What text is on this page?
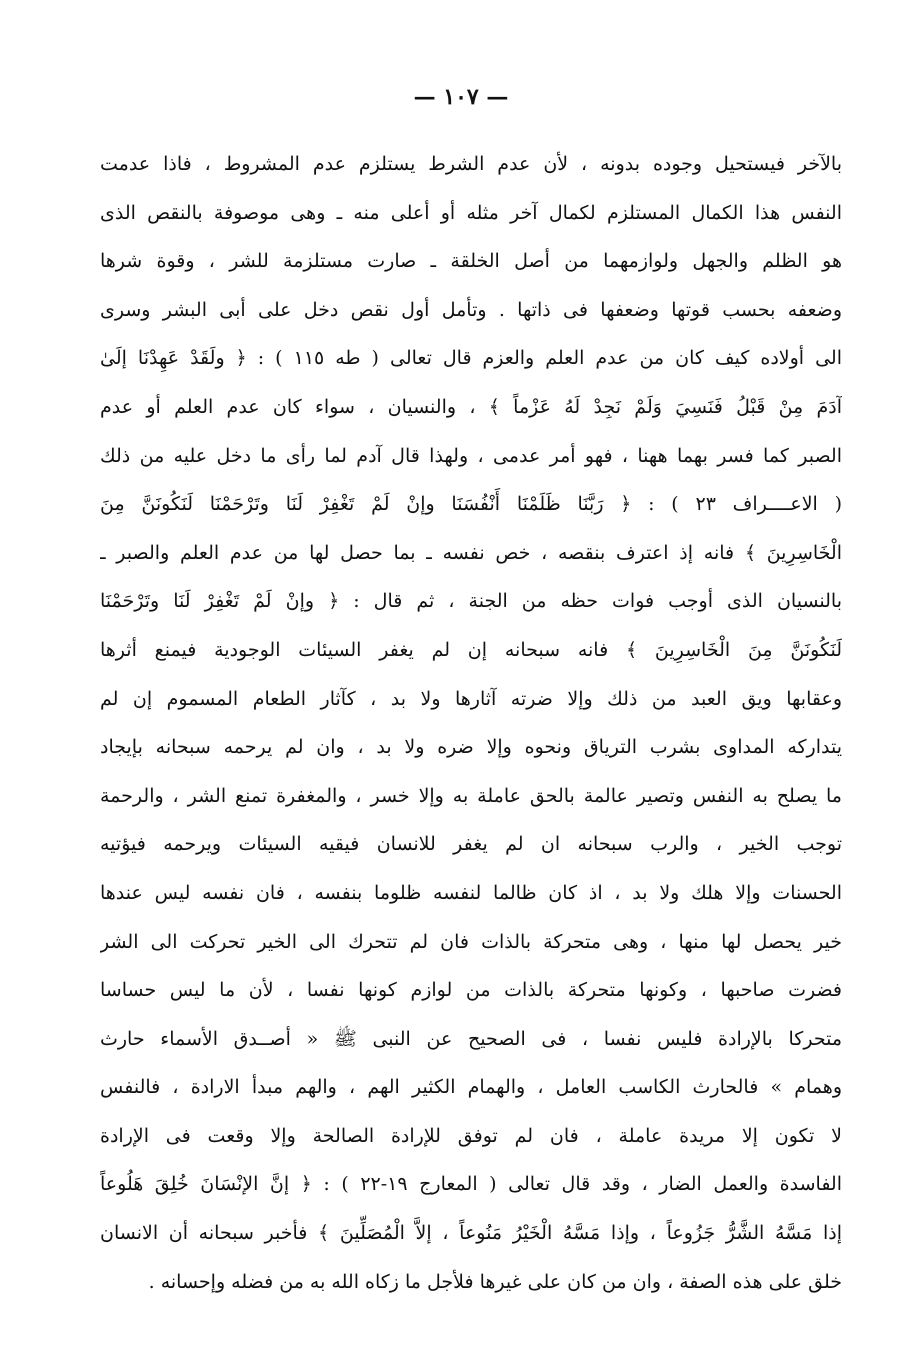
— ١٠٧ —
بالآخر فيستحيل وجوده بدونه ، لأن عدم الشرط يستلزم عدم المشروط ، فاذا عدمت
النفس هذا الكمال المستلزم لكمال آخر مثله أو أعلى منه ـ وهى موصوفة بالنقص الذى
هو الظلم والجهل ولوازمهما من أصل الخلقة ـ صارت مستلزمة للشر ، وقوة شرها
وضعفه بحسب قوتها وضعفها فى ذاتها . وتأمل أول نقص دخل على أبى البشر وسرى
الى أولاده كيف كان من عدم العلم والعزم قال تعالى ( طه ١١٥ ) : ﴿ ولَقَدْ عَهِدْنَا إلَىٰ
آدَمَ مِنْ قَبْلُ فَنَسِيَ وَلَمْ نَجِدْ لَهُ عَزْماً ﴾ ، والنسيان ، سواء كان عدم العلم أو عدم
الصبر كما فسر بهما ههنا ، فهو أمر عدمى ، ولهذا قال آدم لما رأى ما دخل عليه من ذلك
( الاعــــراف ٢٣ ) : ﴿ رَبَّنَا ظَلَمْنَا أَنْفُسَنَا وإنْ لَمْ تَغْفِرْ لَنَا وتَرْحَمْنَا لَنَكُونَنَّ مِنَ
الْخَاسِرِينَ ﴾ فانه إذ اعترف بنقصه ، خص نفسه ـ بما حصل لها من عدم العلم والصبر ـ
بالنسيان الذى أوجب فوات حظه من الجنة ، ثم قال : ﴿ وإنْ لَمْ تَغْفِرْ لَنَا وتَرْحَمْنَا
لَنَكُونَنَّ مِنَ الْخَاسِرِينَ ﴾ فانه سبحانه إن لم يغفر السيئات الوجودية فيمنع أثرها
وعقابها ويق العبد من ذلك وإلا ضرته آثارها ولا بد ، كآثار الطعام المسموم إن لم
يتداركه المداوى بشرب الترياق ونحوه وإلا ضره ولا بد ، وان لم يرحمه سبحانه بإيجاد
ما يصلح به النفس وتصير عالمة بالحق عاملة به وإلا خسر ، والمغفرة تمنع الشر ، والرحمة
توجب الخير ، والرب سبحانه ان لم يغفر للانسان فيقيه السيئات ويرحمه فيؤتيه
الحسنات وإلا هلك ولا بد ، اذ كان ظالما لنفسه ظلوما بنفسه ، فان نفسه ليس عندها
خير يحصل لها منها ، وهى متحركة بالذات فان لم تتحرك الى الخير تحركت الى الشر
فضرت صاحبها ، وكونها متحركة بالذات من لوازم كونها نفسا ، لأن ما ليس حساسا
متحركا بالإرادة فليس نفسا ، فى الصحيح عن النبى ﷺ « أصــدق الأسماء حارث
وهمام » فالحارث الكاسب العامل ، والهمام الكثير الهم ، والهم مبدأ الارادة ، فالنفس
لا تكون إلا مريدة عاملة ، فان لم توفق للإرادة الصالحة وإلا وقعت فى الإرادة
الفاسدة والعمل الضار ، وقد قال تعالى ( المعارج ١٩-٢٢ ) : ﴿ إنَّ الإنْسَانَ خُلِقَ هَلُوعاً
إذا مَسَّهُ الشَّرُّ جَزُوعاً ، وإذا مَسَّهُ الْخَيْرُ مَنُوعاً ، إلاَّ الْمُصَلِّينَ ﴾ فأخبر سبحانه أن الانسان
خلق على هذه الصفة ، وان من كان على غيرها فلأجل ما زكاه الله به من فضله وإحسانه .
